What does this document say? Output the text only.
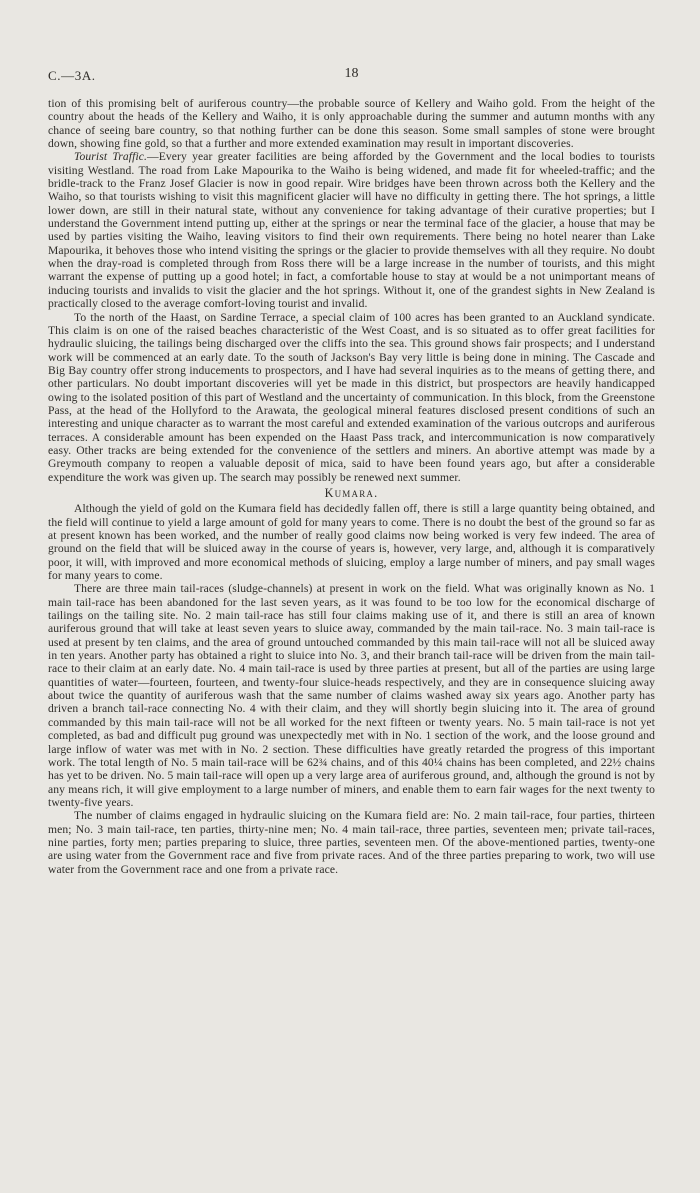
C.—3A.	18

tion of this promising belt of auriferous country—the probable source of Kellery and Waiho gold. From the height of the country about the heads of the Kellery and Waiho, it is only approachable during the summer and autumn months with any chance of seeing bare country, so that nothing further can be done this season. Some small samples of stone were brought down, showing fine gold, so that a further and more extended examination may result in important discoveries.

Tourist Traffic.—Every year greater facilities are being afforded by the Government and the local bodies to tourists visiting Westland. The road from Lake Mapourika to the Waiho is being widened, and made fit for wheeled-traffic; and the bridle-track to the Franz Josef Glacier is now in good repair. Wire bridges have been thrown across both the Kellery and the Waiho, so that tourists wishing to visit this magnificent glacier will have no difficulty in getting there. The hot springs, a little lower down, are still in their natural state, without any convenience for taking advantage of their curative properties; but I understand the Government intend putting up, either at the springs or near the terminal face of the glacier, a house that may be used by parties visiting the Waiho, leaving visitors to find their own requirements. There being no hotel nearer than Lake Mapourika, it behoves those who intend visiting the springs or the glacier to provide themselves with all they require. No doubt when the dray-road is completed through from Ross there will be a large increase in the number of tourists, and this might warrant the expense of putting up a good hotel; in fact, a comfortable house to stay at would be a not unimportant means of inducing tourists and invalids to visit the glacier and the hot springs. Without it, one of the grandest sights in New Zealand is practically closed to the average comfort-loving tourist and invalid.

To the north of the Haast, on Sardine Terrace, a special claim of 100 acres has been granted to an Auckland syndicate. This claim is on one of the raised beaches characteristic of the West Coast, and is so situated as to offer great facilities for hydraulic sluicing, the tailings being discharged over the cliffs into the sea. This ground shows fair prospects; and I understand work will be commenced at an early date. To the south of Jackson's Bay very little is being done in mining. The Cascade and Big Bay country offer strong inducements to prospectors, and I have had several inquiries as to the means of getting there, and other particulars. No doubt important discoveries will yet be made in this district, but prospectors are heavily handicapped owing to the isolated position of this part of Westland and the uncertainty of communication. In this block, from the Greenstone Pass, at the head of the Hollyford to the Arawata, the geological mineral features disclosed present conditions of such an interesting and unique character as to warrant the most careful and extended examination of the various outcrops and auriferous terraces. A considerable amount has been expended on the Haast Pass track, and intercommunication is now comparatively easy. Other tracks are being extended for the convenience of the settlers and miners. An abortive attempt was made by a Greymouth company to reopen a valuable deposit of mica, said to have been found years ago, but after a considerable expenditure the work was given up. The search may possibly be renewed next summer.

Kumara.

Although the yield of gold on the Kumara field has decidedly fallen off, there is still a large quantity being obtained, and the field will continue to yield a large amount of gold for many years to come. There is no doubt the best of the ground so far as at present known has been worked, and the number of really good claims now being worked is very few indeed. The area of ground on the field that will be sluiced away in the course of years is, however, very large, and, although it is comparatively poor, it will, with improved and more economical methods of sluicing, employ a large number of miners, and pay small wages for many years to come.

There are three main tail-races (sludge-channels) at present in work on the field. What was originally known as No. 1 main tail-race has been abandoned for the last seven years, as it was found to be too low for the economical discharge of tailings on the tailing site. No. 2 main tail-race has still four claims making use of it, and there is still an area of known auriferous ground that will take at least seven years to sluice away, commanded by the main tail-race. No. 3 main tail-race is used at present by ten claims, and the area of ground untouched commanded by this main tail-race will not all be sluiced away in ten years. Another party has obtained a right to sluice into No. 3, and their branch tail-race will be driven from the main tail-race to their claim at an early date. No. 4 main tail-race is used by three parties at present, but all of the parties are using large quantities of water—fourteen, fourteen, and twenty-four sluice-heads respectively, and they are in consequence sluicing away about twice the quantity of auriferous wash that the same number of claims washed away six years ago. Another party has driven a branch tail-race connecting No. 4 with their claim, and they will shortly begin sluicing into it. The area of ground commanded by this main tail-race will not be all worked for the next fifteen or twenty years. No. 5 main tail-race is not yet completed, as bad and difficult pug ground was unexpectedly met with in No. 1 section of the work, and the loose ground and large inflow of water was met with in No. 2 section. These difficulties have greatly retarded the progress of this important work. The total length of No. 5 main tail-race will be 62¾ chains, and of this 40¼ chains has been completed, and 22½ chains has yet to be driven. No. 5 main tail-race will open up a very large area of auriferous ground, and, although the ground is not by any means rich, it will give employment to a large number of miners, and enable them to earn fair wages for the next twenty to twenty-five years.

The number of claims engaged in hydraulic sluicing on the Kumara field are: No. 2 main tail-race, four parties, thirteen men; No. 3 main tail-race, ten parties, thirty-nine men; No. 4 main tail-race, three parties, seventeen men; private tail-races, nine parties, forty men; parties preparing to sluice, three parties, seventeen men. Of the above-mentioned parties, twenty-one are using water from the Government race and five from private races. And of the three parties preparing to work, two will use water from the Government race and one from a private race.
